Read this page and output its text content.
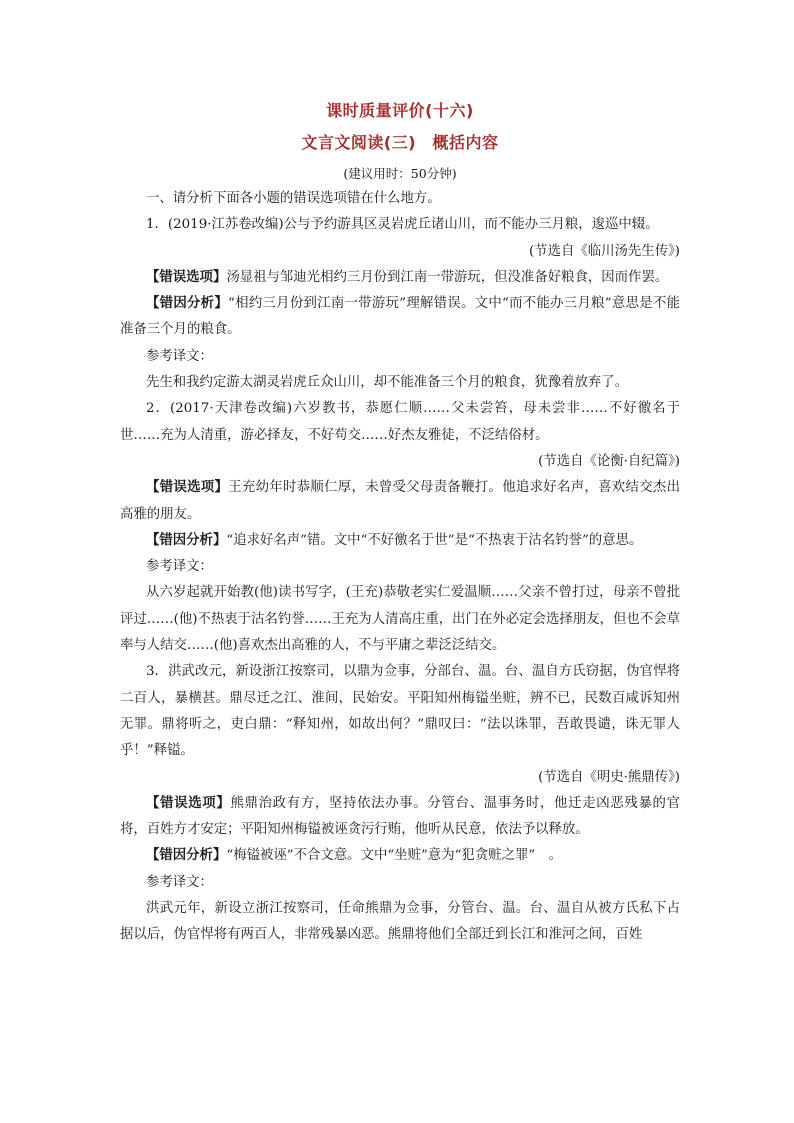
课时质量评价(十六)
文言文阅读(三)　概括内容
(建议用时：50分钟)

一、请分析下面各小题的错误选项错在什么地方。

1．(2019·江苏卷改编)公与予约游具区灵岩虎丘诸山川，而不能办三月粮，逡巡中辍。

(节选自《临川汤先生传》)

【错误选项】汤显祖与邹迪光相约三月份到江南一带游玩，但没准备好粮食，因而作罢。

【错因分析】“相约三月份到江南一带游玩”理解错误。文中“而不能办三月粮”意思是不能准备三个月的粮食。

参考译文：

先生和我约定游太湖灵岩虎丘众山川，却不能准备三个月的粮食，犹豫着放弃了。

2．(2017·天津卷改编)六岁教书，恭愿仁顺……父未尝笞，母未尝非……不好徼名于世……充为人清重，游必择友，不好苟交……好杰友雅徒，不泛结俗材。

(节选自《论衡·自纪篇》)

【错误选项】王充幼年时恭顺仁厚，未曾受父母责备鞭打。他追求好名声，喜欢结交杰出高雅的朋友。

【错因分析】“追求好名声”错。文中“不好徼名于世”是“不热衷于沽名钓誉”的意思。

参考译文：

从六岁起就开始教(他)读书写字，(王充)恭敬老实仁爱温顺……父亲不曾打过，母亲不曾批评过……(他)不热衷于沽名钓誉……王充为人清高庄重，出门在外必定会选择朋友，但也不会草率与人结交……(他)喜欢杰出高雅的人，不与平庸之辈泛泛结交。

3．洪武改元，新设浙江按察司，以鼎为佥事，分部台、温。台、温自方氏窃据，伪官悍将二百人，暴横甚。鼎尽迁之江、淮间，民始安。平阳知州梅镒坐赃，辨不已，民数百咸诉知州无罪。鼎将听之，吏白鼎：“释知州，如故出何？”鼎叹曰：“法以诛罪，吾敢畏谴，诛无罪人乎！”释镒。

(节选自《明史·熊鼎传》)

【错误选项】熊鼎治政有方，坚持依法办事。分管台、温事务时，他迁走凶恶残暴的官将，百姓方才安定；平阳知州梅镒被诬贪污行贿，他听从民意，依法予以释放。

【错因分析】“梅镒被诬”不合文意。文中“坐赃”意为“犯贪赃之罪”　。

参考译文：

洪武元年，新设立浙江按察司，任命熊鼎为佥事，分管台、温。台、温自从被方氏私下占据以后，伪官悍将有两百人，非常残暴凶恶。熊鼎将他们全部迁到长江和淮河之间，百姓
